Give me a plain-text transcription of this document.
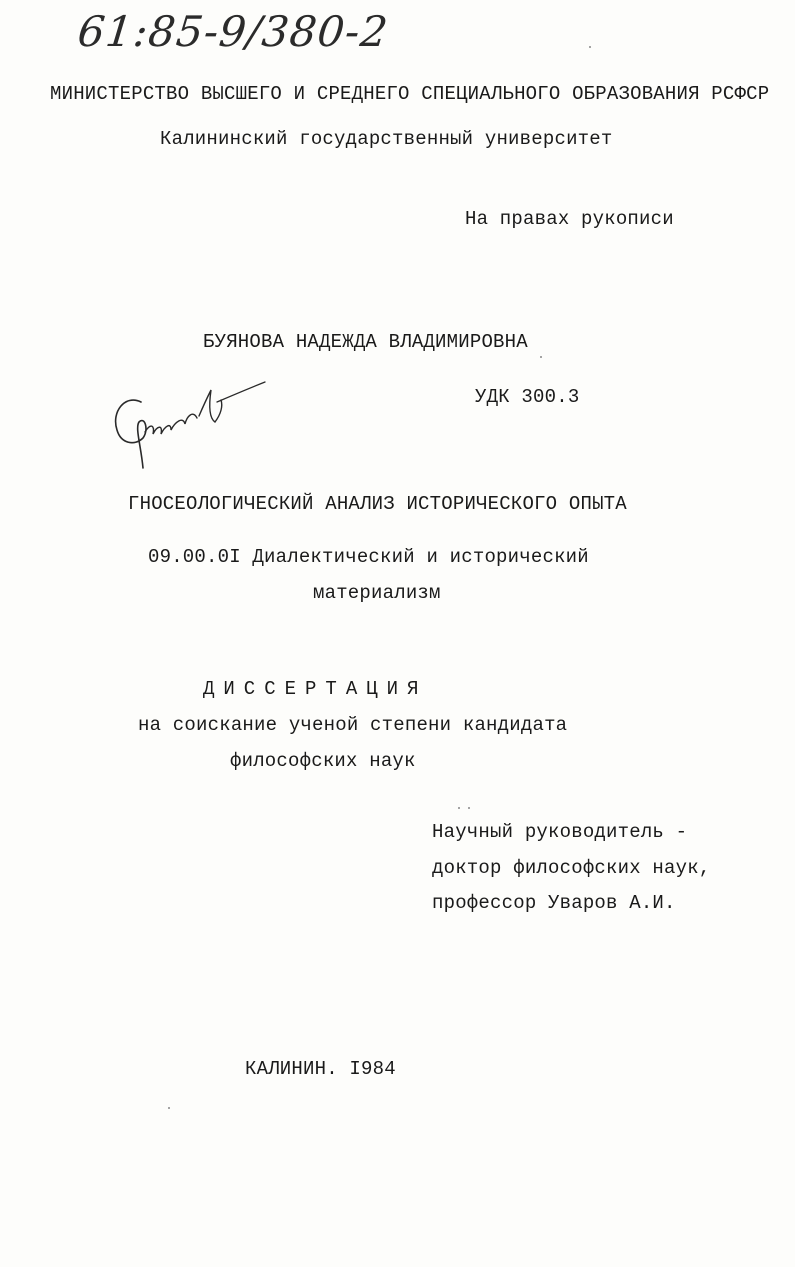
61:85-9/380-2
МИНИСТЕРСТВО ВЫСШЕГО И СРЕДНЕГО СПЕЦИАЛЬНОГО ОБРАЗОВАНИЯ РСФСР
Калининский государственный университет
На правах рукописи
БУЯНОВА НАДЕЖДА ВЛАДИМИРОВНА
УДК 300.3
ГНОСЕОЛОГИЧЕСКИЙ АНАЛИЗ ИСТОРИЧЕСКОГО ОПЫТА
09.00.0I Диалектический и исторический
материализм
ДИССЕРТАЦИЯ
на соискание ученой степени кандидата
философских наук
Научный руководитель -
доктор философских наук,
профессор Уваров А.И.
КАЛИНИН. I984
